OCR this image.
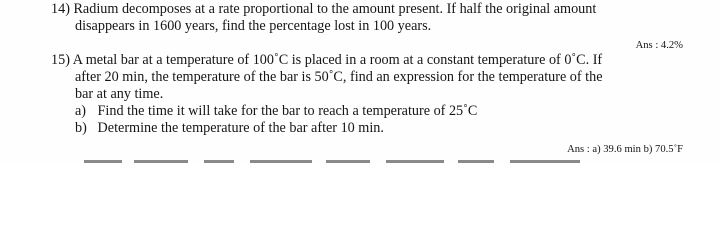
14) Radium decomposes at a rate proportional to the amount present. If half the original amount
disappears in 1600 years, find the percentage lost in 100 years.
Ans : 4.2%
15) A metal bar at a temperature of 100˚C is placed in a room at a constant temperature of 0˚C. If
after 20 min, the temperature of the bar is 50˚C, find an expression for the temperature of the
bar at any time.
a) Find the time it will take for the bar to reach a temperature of 25˚C
b) Determine the temperature of the bar after 10 min.
Ans : a) 39.6 min b) 70.5˚F
